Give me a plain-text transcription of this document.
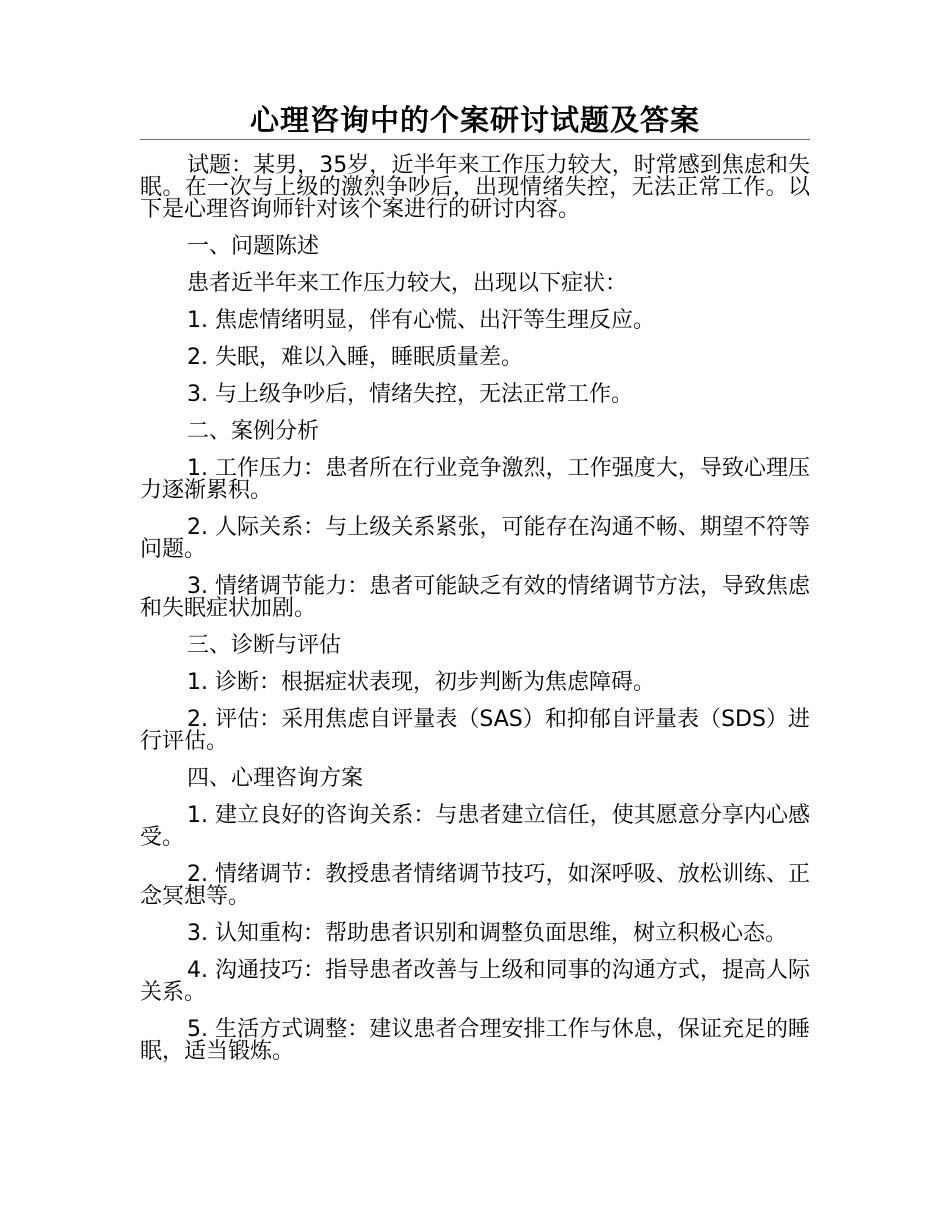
心理咨询中的个案研讨试题及答案

试题：某男，35岁，近半年来工作压力较大，时常感到焦虑和失眠。在一次与上级的激烈争吵后，出现情绪失控，无法正常工作。以下是心理咨询师针对该个案进行的研讨内容。

一、问题陈述

患者近半年来工作压力较大，出现以下症状：

1. 焦虑情绪明显，伴有心慌、出汗等生理反应。

2. 失眠，难以入睡，睡眠质量差。

3. 与上级争吵后，情绪失控，无法正常工作。

二、案例分析

1. 工作压力：患者所在行业竞争激烈，工作强度大，导致心理压力逐渐累积。

2. 人际关系：与上级关系紧张，可能存在沟通不畅、期望不符等问题。

3. 情绪调节能力：患者可能缺乏有效的情绪调节方法，导致焦虑和失眠症状加剧。

三、诊断与评估

1. 诊断：根据症状表现，初步判断为焦虑障碍。

2. 评估：采用焦虑自评量表（SAS）和抑郁自评量表（SDS）进行评估。

四、心理咨询方案

1. 建立良好的咨询关系：与患者建立信任，使其愿意分享内心感受。

2. 情绪调节：教授患者情绪调节技巧，如深呼吸、放松训练、正念冥想等。

3. 认知重构：帮助患者识别和调整负面思维，树立积极心态。

4. 沟通技巧：指导患者改善与上级和同事的沟通方式，提高人际关系。

5. 生活方式调整：建议患者合理安排工作与休息，保证充足的睡眠，适当锻炼。
